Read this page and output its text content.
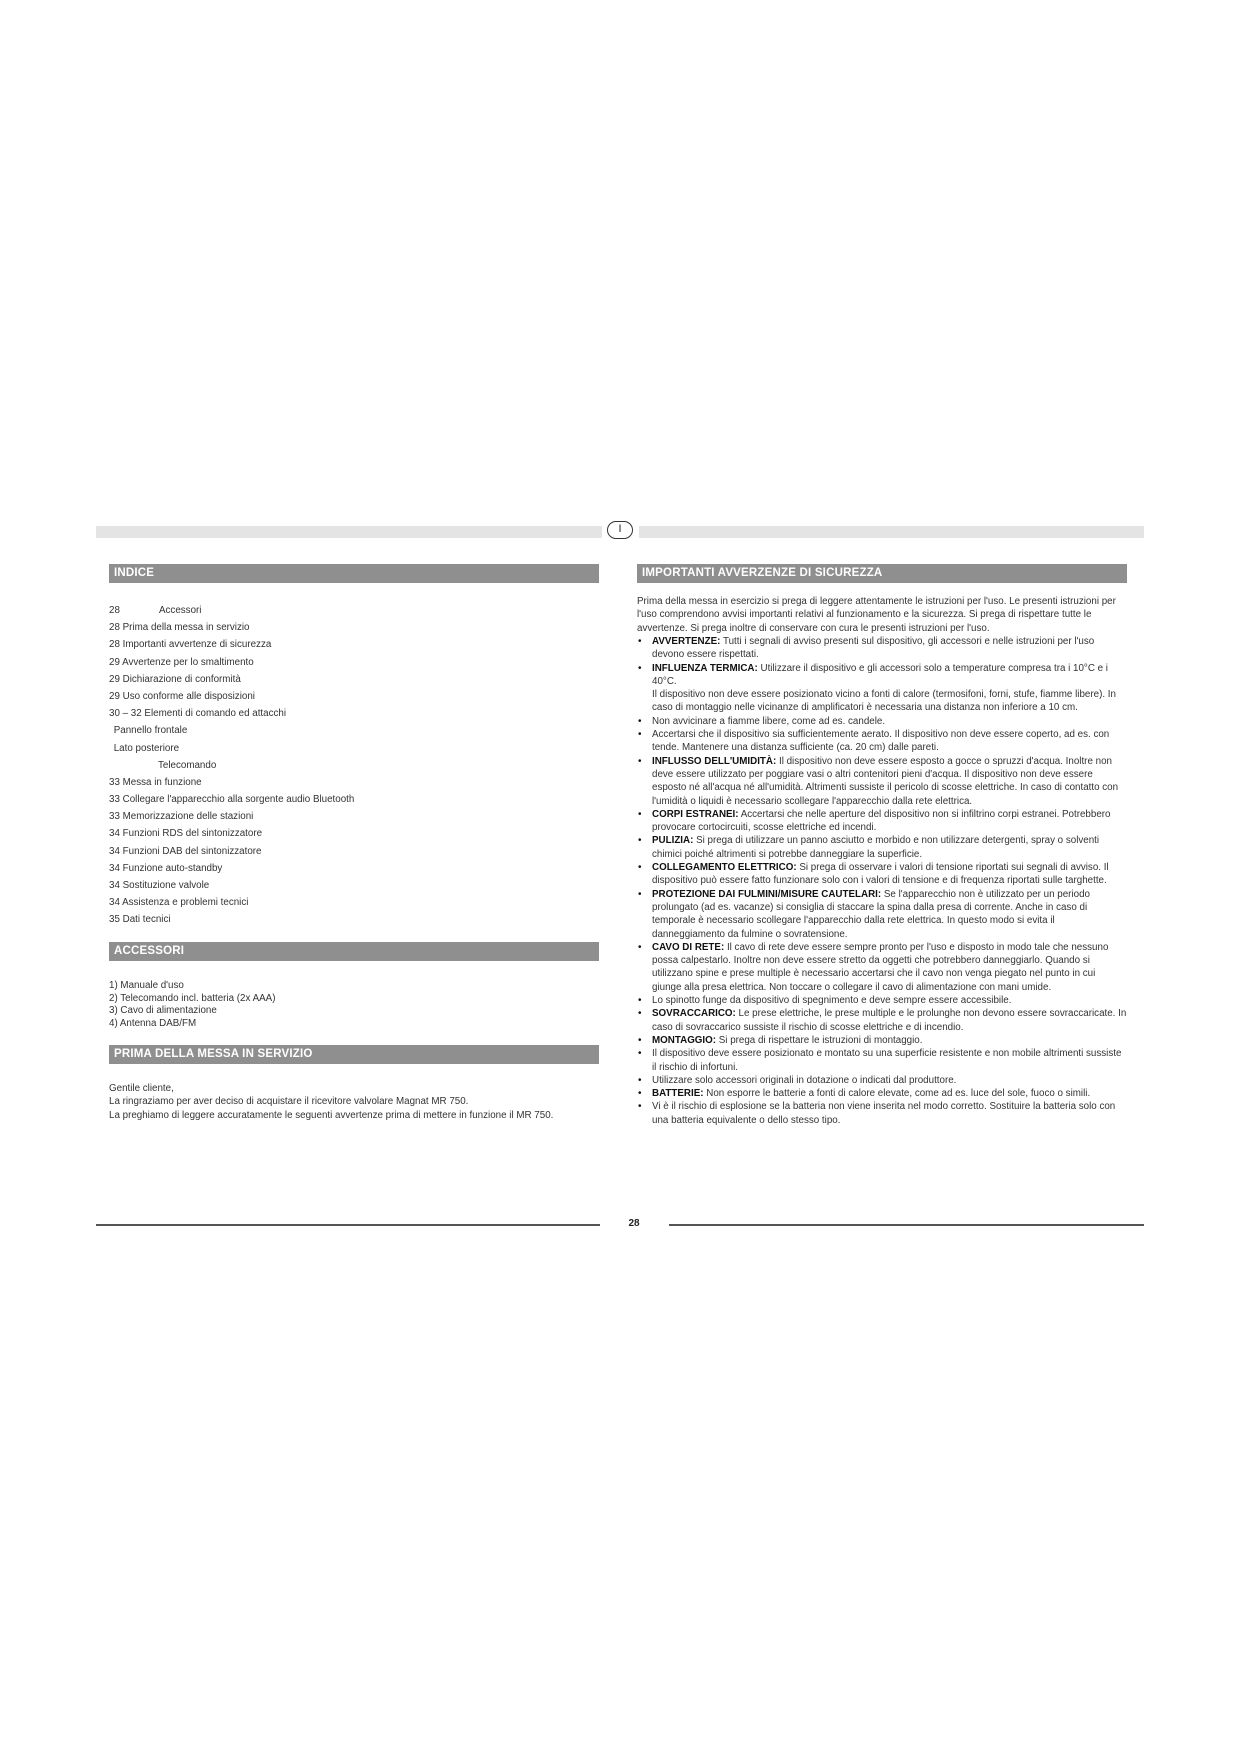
I
INDICE
28	Accessori
28 Prima della messa in servizio
28 Importanti avvertenze di sicurezza
29 Avvertenze per lo smaltimento
29 Dichiarazione di conformità
29 Uso conforme alle disposizioni
30 – 32 Elementi di comando ed attacchi
Pannello frontale
Lato posteriore
Telecomando
33 Messa in funzione
33 Collegare l'apparecchio alla sorgente audio Bluetooth
33 Memorizzazione delle stazioni
34 Funzioni RDS del sintonizzatore
34 Funzioni DAB del sintonizzatore
34 Funzione auto-standby
34 Sostituzione valvole
34 Assistenza e problemi tecnici
35 Dati tecnici
ACCESSORI
1) Manuale d'uso
2) Telecomando incl. batteria (2x AAA)
3) Cavo di alimentazione
4) Antenna DAB/FM
PRIMA DELLA MESSA IN SERVIZIO

Gentile cliente,

La ringraziamo per aver deciso di acquistare il ricevitore valvolare Magnat MR 750.

La preghiamo di leggere accuratamente le seguenti avvertenze prima di mettere in funzione il MR 750.

IMPORTANTI AVVERZENZE DI SICUREZZA

Prima della messa in esercizio si prega di leggere attentamente le istruzioni per l'uso. Le presenti istruzioni per l'uso comprendono avvisi importanti relativi al funzionamento e la sicurezza. Si prega di rispettare tutte le avvertenze. Si prega inoltre di conservare con cura le presenti istruzioni per l'uso.

• AVVERTENZE: Tutti i segnali di avviso presenti sul dispositivo, gli accessori e nelle istruzioni per l'uso devono essere rispettati.
• INFLUENZA TERMICA: Utilizzare il dispositivo e gli accessori solo a temperature compresa tra i 10°C e i 40°C.
Il dispositivo non deve essere posizionato vicino a fonti di calore (termosifoni, forni, stufe, fiamme libere). In caso di montaggio nelle vicinanze di amplificatori è necessaria una distanza non inferiore a 10 cm.
• Non avvicinare a fiamme libere, come ad es. candele.
• Accertarsi che il dispositivo sia sufficientemente aerato. Il dispositivo non deve essere coperto, ad es. con tende. Mantenere una distanza sufficiente (ca. 20 cm) dalle pareti.
• INFLUSSO DELL'UMIDITÀ: Il dispositivo non deve essere esposto a gocce o spruzzi d'acqua. Inoltre non deve essere utilizzato per poggiare vasi o altri contenitori pieni d'acqua. Il dispositivo non deve essere esposto né all'acqua né all'umidità. Altrimenti sussiste il pericolo di scosse elettriche. In caso di contatto con l'umidità o liquidi è necessario scollegare l'apparecchio dalla rete elettrica.
• CORPI ESTRANEI: Accertarsi che nelle aperture del dispositivo non si infiltrino corpi estranei. Potrebbero provocare cortocircuiti, scosse elettriche ed incendi.
• PULIZIA: Si prega di utilizzare un panno asciutto e morbido e non utilizzare detergenti, spray o solventi chimici poiché altrimenti si potrebbe danneggiare la superficie.
• COLLEGAMENTO ELETTRICO: Si prega di osservare i valori di tensione riportati sui segnali di avviso. Il dispositivo può essere fatto funzionare solo con i valori di tensione e di frequenza riportati sulle targhette.
• PROTEZIONE DAI FULMINI/MISURE CAUTELARI: Se l'apparecchio non è utilizzato per un periodo prolungato (ad es. vacanze) si consiglia di staccare la spina dalla presa di corrente. Anche in caso di temporale è necessario scollegare l'apparecchio dalla rete elettrica. In questo modo si evita il danneggiamento da fulmine o sovratensione.
• CAVO DI RETE: Il cavo di rete deve essere sempre pronto per l'uso e disposto in modo tale che nessuno possa calpestarlo. Inoltre non deve essere stretto da oggetti che potrebbero danneggiarlo. Quando si utilizzano spine e prese multiple è necessario accertarsi che il cavo non venga piegato nel punto in cui giunge alla presa elettrica. Non toccare o collegare il cavo di alimentazione con mani umide.
• Lo spinotto funge da dispositivo di spegnimento e deve sempre essere accessibile.
• SOVRACCARICO: Le prese elettriche, le prese multiple e le prolunghe non devono essere sovraccaricate. In caso di sovraccarico sussiste il rischio di scosse elettriche e di incendio.
• MONTAGGIO: Si prega di rispettare le istruzioni di montaggio.
• Il dispositivo deve essere posizionato e montato su una superficie resistente e non mobile altrimenti sussiste il rischio di infortuni.
• Utilizzare solo accessori originali in dotazione o indicati dal produttore.
• BATTERIE: Non esporre le batterie a fonti di calore elevate, come ad es. luce del sole, fuoco o simili.
• Vi è il rischio di esplosione se la batteria non viene inserita nel modo corretto. Sostituire la batteria solo con una batteria equivalente o dello stesso tipo.
28
